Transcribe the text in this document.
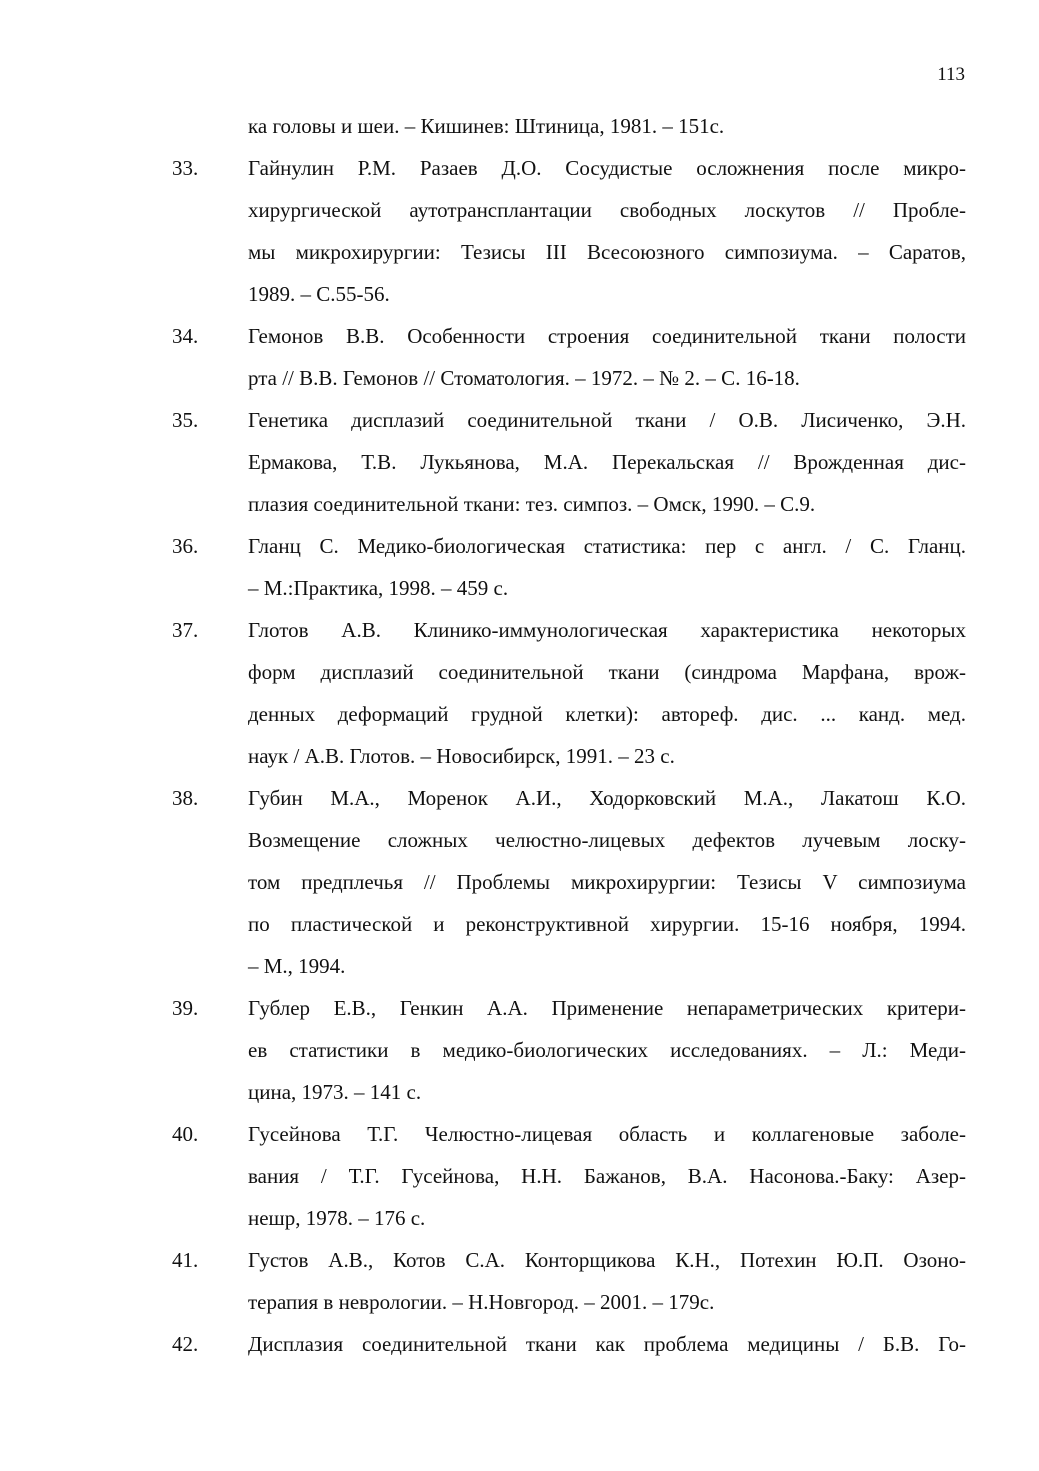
113
ка головы и шеи. – Кишинев: Штиница, 1981. – 151с.
33.	Гайнулин Р.М. Разаев Д.О. Сосудистые осложнения после микро-
хирургической аутотрансплантации свободных лоскутов // Пробле-
мы микрохирургии: Тезисы III Всесоюзного симпозиума. – Саратов,
1989. – С.55-56.
34.	Гемонов В.В. Особенности строения соединительной ткани полости
рта // В.В. Гемонов // Стоматология. – 1972. – № 2. – С. 16-18.
35.	Генетика дисплазий соединительной ткани / О.В. Лисиченко, Э.Н.
Ермакова, Т.В. Лукьянова, М.А. Перекальская // Врожденная дис-
плазия соединительной ткани: тез. симпоз. – Омск, 1990. – С.9.
36.	Гланц С. Медико-биологическая статистика: пер с англ. / С. Гланц.
– М.:Практика, 1998. – 459 с.
37.	Глотов А.В. Клинико-иммунологическая характеристика некоторых
форм дисплазий соединительной ткани (синдрома Марфана, врож-
денных деформаций грудной клетки): автореф. дис. ... канд. мед.
наук / А.В. Глотов. – Новосибирск, 1991. – 23 с.
38.	Губин М.А., Моренок А.И., Ходорковский М.А., Лакатош К.О.
Возмещение сложных челюстно-лицевых дефектов лучевым лоску-
том предплечья // Проблемы микрохирургии: Тезисы V симпозиума
по пластической и реконструктивной хирургии. 15-16 ноября, 1994.
– М., 1994.
39.	Гублер Е.В., Генкин А.А. Применение непараметрических критери-
ев статистики в медико-биологических исследованиях. – Л.: Меди-
цина, 1973. – 141 с.
40.	Гусейнова Т.Г. Челюстно-лицевая область и коллагеновые заболе-
вания / Т.Г. Гусейнова, Н.Н. Бажанов, В.А. Насонова.-Баку: Азер-
нешр, 1978. – 176 с.
41.	Густов А.В., Котов С.А. Конторщикова К.Н., Потехин Ю.П. Озоно-
терапия в неврологии. – Н.Новгород. – 2001. – 179с.
42.	Дисплазия соединительной ткани как проблема медицины / Б.В. Го-
